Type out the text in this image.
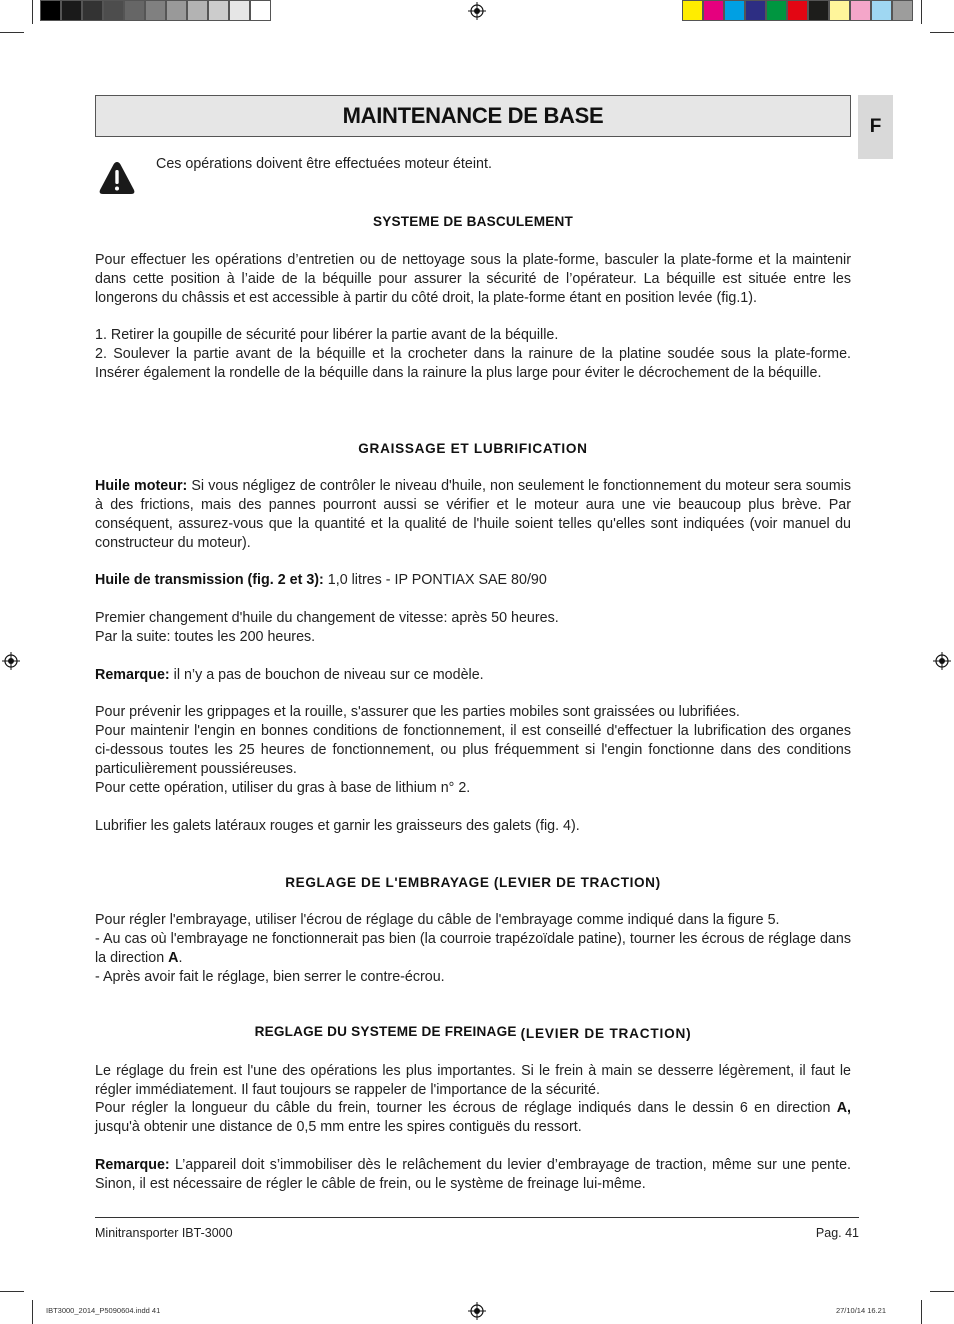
MAINTENANCE DE BASE	F
Ces opérations doivent être effectuées moteur éteint.
SYSTEME DE BASCULEMENT
Pour effectuer les opérations d’entretien ou de nettoyage sous la plate-forme, basculer la plate-forme et la maintenir dans cette position à l’aide de la béquille pour assurer la sécurité de l’opérateur. La béquille est située entre les longerons du châssis et est accessible à partir du côté droit, la plate-forme étant en position levée (fig.1).
1. Retirer la goupille de sécurité pour libérer la partie avant de la béquille.
2. Soulever la partie avant de la béquille et la crocheter dans la rainure de la platine soudée sous la plate-forme. Insérer également la rondelle de la béquille dans la rainure la plus large pour éviter le décrochement de la béquille.
GRAISSAGE ET LUBRIFICATION
Huile moteur: Si vous négligez de contrôler le niveau d'huile, non seulement le fonctionnement du moteur sera soumis à des frictions, mais des pannes pourront aussi se vérifier et le moteur aura une vie beaucoup plus brève. Par conséquent, assurez-vous que la quantité et la qualité de l'huile soient telles qu'elles sont indiquées (voir manuel du constructeur du moteur).
Huile de transmission (fig. 2 et 3): 1,0 litres - IP PONTIAX SAE 80/90
Premier changement d'huile du changement de vitesse: après 50 heures.
Par la suite: toutes les 200 heures.
Remarque: il n’y a pas de bouchon de niveau sur ce modèle.
Pour prévenir les grippages et la rouille, s'assurer que les parties mobiles sont graissées ou lubrifiées.
Pour maintenir l'engin en bonnes conditions de fonctionnement, il est conseillé d'effectuer la lubrification des organes ci-dessous toutes les 25 heures de fonctionnement, ou plus fréquemment si l'engin fonctionne dans des conditions particulièrement poussiéreuses.
Pour cette opération, utiliser du gras à base de lithium n° 2.
Lubrifier les galets latéraux rouges et garnir les graisseurs des galets (fig. 4).
REGLAGE DE L'EMBRAYAGE (LEVIER DE TRACTION)
Pour régler l'embrayage, utiliser l'écrou de réglage du câble de l'embrayage comme indiqué dans la figure 5.
- Au cas où l'embrayage ne fonctionnerait pas bien (la courroie trapézoïdale patine), tourner les écrous de réglage dans la direction A.
- Après avoir fait le réglage, bien serrer le contre-écrou.
REGLAGE DU SYSTEME DE FREINAGE (LEVIER DE TRACTION)
Le réglage du frein est l'une des opérations les plus importantes. Si le frein à main se desserre légèrement, il faut le régler immédiatement. Il faut toujours se rappeler de l'importance de la sécurité.
Pour régler la longueur du câble du frein, tourner les écrous de réglage indiqués dans le dessin 6 en direction A, jusqu'à obtenir une distance de 0,5 mm entre les spires contiguës du ressort.
Remarque: L’appareil doit s’immobiliser dès le relâchement du levier d’embrayage de traction, même sur une pente. Sinon, il est nécessaire de régler le câble de frein, ou le système de freinage lui-même.
Minitransporter IBT-3000	Pag. 41
IBT3000_2014_P5090604.indd 41	27/10/14 16.21
